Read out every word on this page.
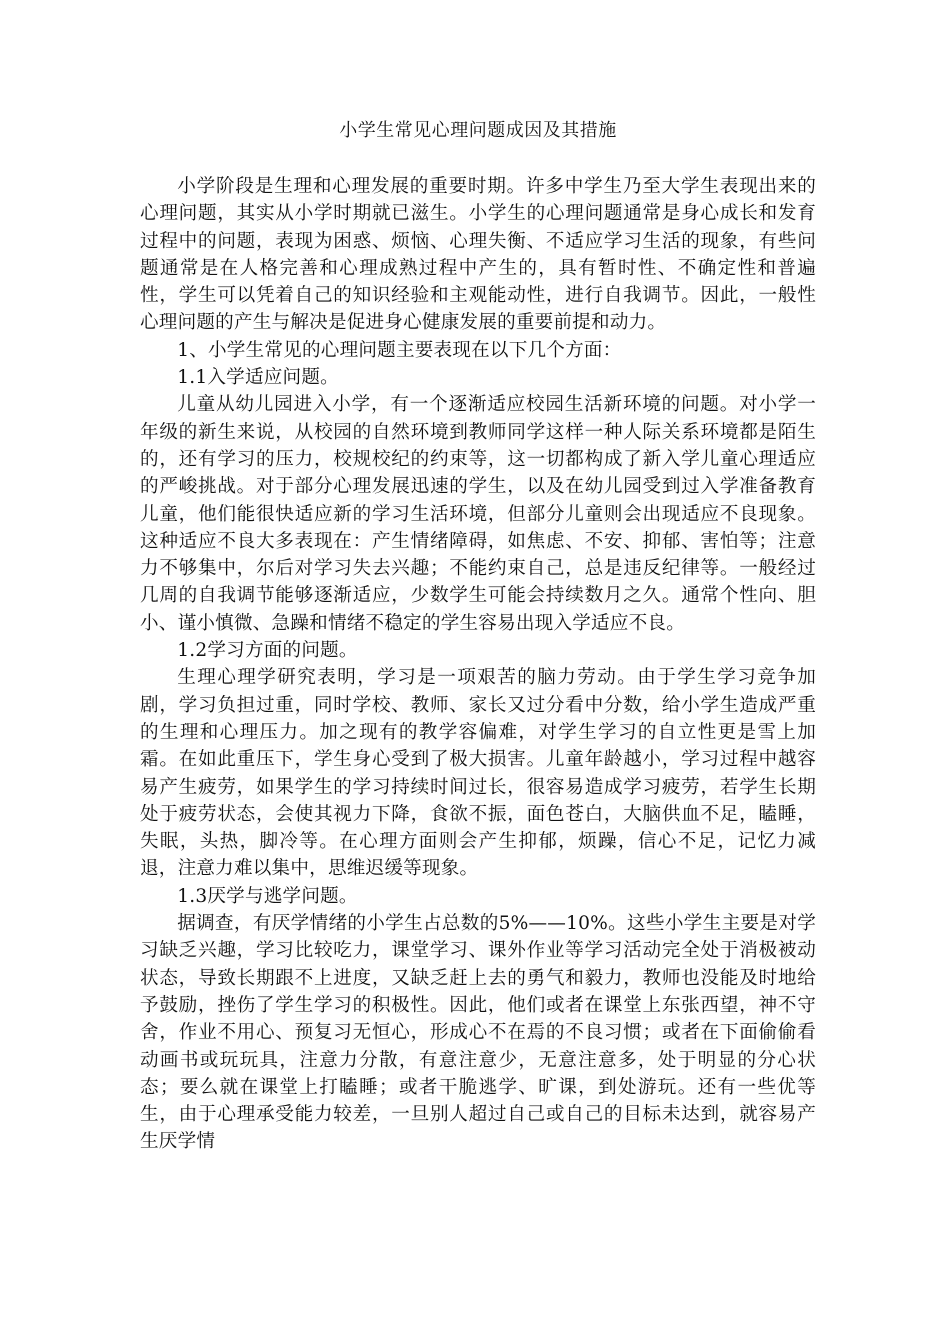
小学生常见心理问题成因及其措施

小学阶段是生理和心理发展的重要时期。许多中学生乃至大学生表现出来的心理问题，其实从小学时期就已滋生。小学生的心理问题通常是身心成长和发育过程中的问题，表现为困惑、烦恼、心理失衡、不适应学习生活的现象，有些问题通常是在人格完善和心理成熟过程中产生的，具有暂时性、不确定性和普遍性，学生可以凭着自己的知识经验和主观能动性，进行自我调节。因此，一般性心理问题的产生与解决是促进身心健康发展的重要前提和动力。

1、小学生常见的心理问题主要表现在以下几个方面：

1.1入学适应问题。

儿童从幼儿园进入小学，有一个逐渐适应校园生活新环境的问题。对小学一年级的新生来说，从校园的自然环境到教师同学这样一种人际关系环境都是陌生的，还有学习的压力，校规校纪的约束等，这一切都构成了新入学儿童心理适应的严峻挑战。对于部分心理发展迅速的学生，以及在幼儿园受到过入学准备教育儿童，他们能很快适应新的学习生活环境，但部分儿童则会出现适应不良现象。这种适应不良大多表现在：产生情绪障碍，如焦虑、不安、抑郁、害怕等；注意力不够集中，尔后对学习失去兴趣；不能约束自己，总是违反纪律等。一般经过几周的自我调节能够逐渐适应，少数学生可能会持续数月之久。通常个性向、胆小、谨小慎微、急躁和情绪不稳定的学生容易出现入学适应不良。

1.2学习方面的问题。

生理心理学研究表明，学习是一项艰苦的脑力劳动。由于学生学习竞争加剧，学习负担过重，同时学校、教师、家长又过分看中分数，给小学生造成严重的生理和心理压力。加之现有的教学容偏难，对学生学习的自立性更是雪上加霜。在如此重压下，学生身心受到了极大损害。儿童年龄越小，学习过程中越容易产生疲劳，如果学生的学习持续时间过长，很容易造成学习疲劳，若学生长期处于疲劳状态，会使其视力下降，食欲不振，面色苍白，大脑供血不足，瞌睡，失眠，头热，脚冷等。在心理方面则会产生抑郁，烦躁，信心不足，记忆力减退，注意力难以集中，思维迟缓等现象。

1.3厌学与逃学问题。

据调查，有厌学情绪的小学生占总数的5%——10%。这些小学生主要是对学习缺乏兴趣，学习比较吃力，课堂学习、课外作业等学习活动完全处于消极被动状态，导致长期跟不上进度，又缺乏赶上去的勇气和毅力，教师也没能及时地给予鼓励，挫伤了学生学习的积极性。因此，他们或者在课堂上东张西望，神不守舍，作业不用心、预复习无恒心，形成心不在焉的不良习惯；或者在下面偷偷看动画书或玩玩具，注意力分散，有意注意少，无意注意多，处于明显的分心状态；要么就在课堂上打瞌睡；或者干脆逃学、旷课，到处游玩。还有一些优等生，由于心理承受能力较差，一旦别人超过自己或自己的目标未达到，就容易产生厌学情
